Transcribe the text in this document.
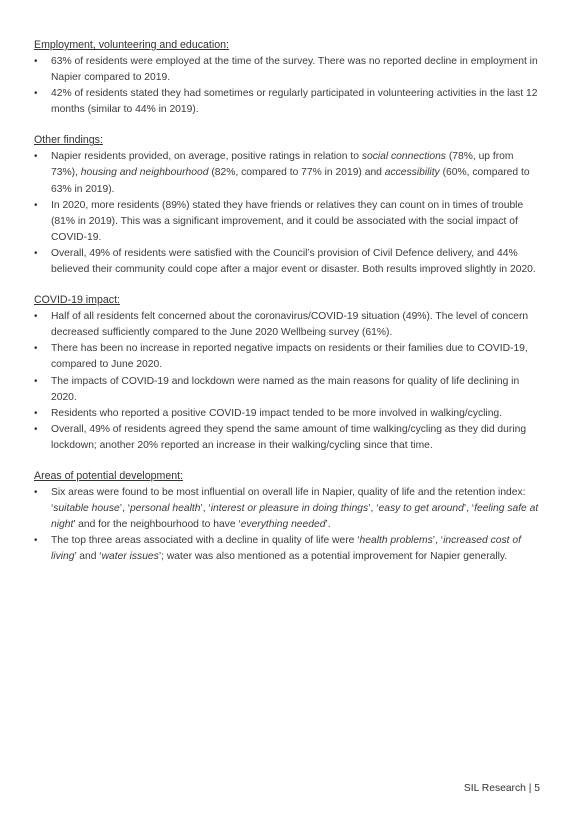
Employment, volunteering and education:
• 63% of residents were employed at the time of the survey. There was no reported decline in employment in Napier compared to 2019.
• 42% of residents stated they had sometimes or regularly participated in volunteering activities in the last 12 months (similar to 44% in 2019).
Other findings:
• Napier residents provided, on average, positive ratings in relation to social connections (78%, up from 73%), housing and neighbourhood (82%, compared to 77% in 2019) and accessibility (60%, compared to 63% in 2019).
• In 2020, more residents (89%) stated they have friends or relatives they can count on in times of trouble (81% in 2019). This was a significant improvement, and it could be associated with the social impact of COVID-19.
• Overall, 49% of residents were satisfied with the Council’s provision of Civil Defence delivery, and 44% believed their community could cope after a major event or disaster. Both results improved slightly in 2020.
COVID-19 impact:
• Half of all residents felt concerned about the coronavirus/COVID-19 situation (49%). The level of concern decreased sufficiently compared to the June 2020 Wellbeing survey (61%).
• There has been no increase in reported negative impacts on residents or their families due to COVID-19, compared to June 2020.
• The impacts of COVID-19 and lockdown were named as the main reasons for quality of life declining in 2020.
• Residents who reported a positive COVID-19 impact tended to be more involved in walking/cycling.
• Overall, 49% of residents agreed they spend the same amount of time walking/cycling as they did during lockdown; another 20% reported an increase in their walking/cycling since that time.
Areas of potential development:
• Six areas were found to be most influential on overall life in Napier, quality of life and the retention index: ‘suitable house’, ‘personal health’, ‘interest or pleasure in doing things’, ‘easy to get around’, ‘feeling safe at night’ and for the neighbourhood to have ‘everything needed’.
• The top three areas associated with a decline in quality of life were ‘health problems’, ‘increased cost of living’ and ‘water issues’; water was also mentioned as a potential improvement for Napier generally.
SIL Research | 5
